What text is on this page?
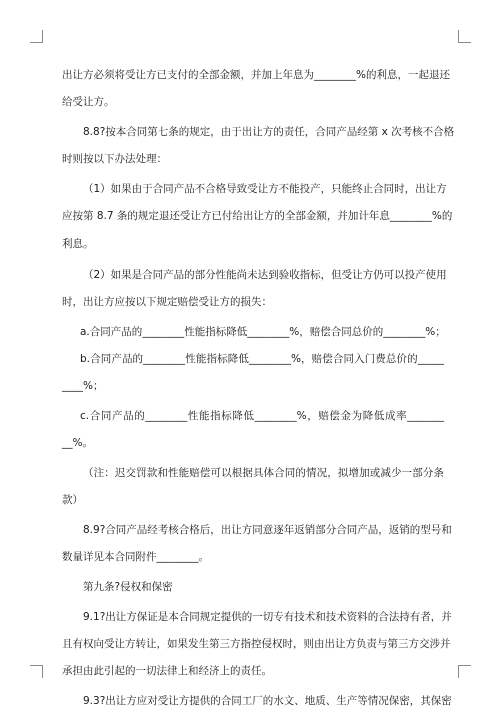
出让方必须将受让方已支付的全部金额，并加上年息为________%的利息，一起退还
给受让方。
8.8?按本合同第七条的规定，由于出让方的责任，合同产品经第 x 次考核不合格
时则按以下办法处理：
（1）如果由于合同产品不合格导致受让方不能投产，只能终止合同时，出让方
应按第 8.7 条的规定退还受让方已付给出让方的全部金额，并加计年息________%的
利息。
（2）如果是合同产品的部分性能尚未达到验收指标，但受让方仍可以投产使用
时，出让方应按以下规定赔偿受让方的损失：
a.合同产品的________性能指标降低________%，赔偿合同总价的________%；
b.合同产品的________性能指标降低________%，赔偿合同入门费总价的_____
____%；
c.合同产品的________性能指标降低________%，赔偿金为降低成率_______
__%。
（注：迟交罚款和性能赔偿可以根据具体合同的情况，拟增加或减少一部分条
款）
8.9?合同产品经考核合格后，出让方同意逐年返销部分合同产品，返销的型号和
数量详见本合同附件________。
第九条?侵权和保密
9.1?出让方保证是本合同规定提供的一切专有技术和技术资料的合法持有者，并
且有权向受让方转让，如果发生第三方指控侵权时，则由出让方负责与第三方交涉并
承担由此引起的一切法律上和经济上的责任。
9.3?出让方应对受让方提供的合同工厂的水文、地质、生产等情况保密，其保密
